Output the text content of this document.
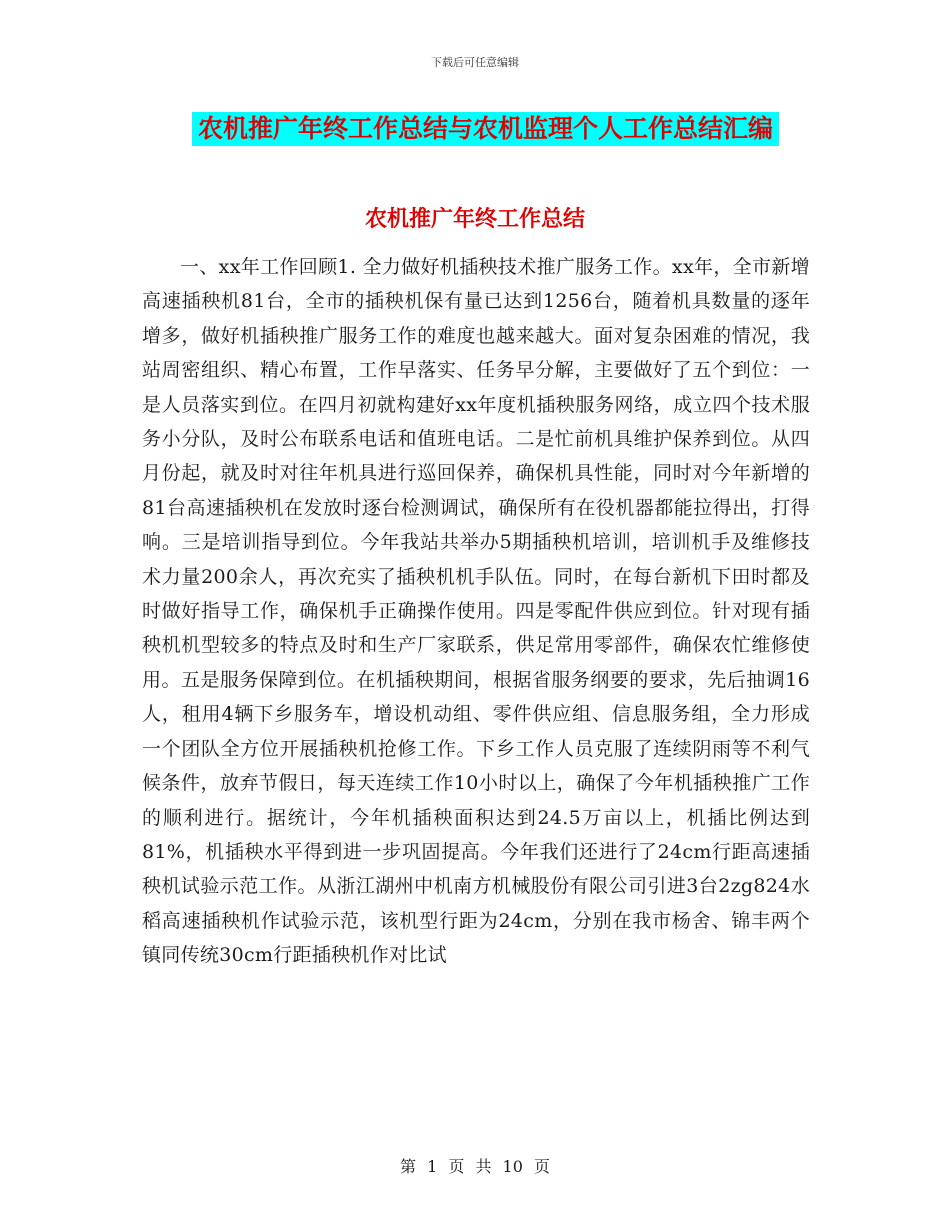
下载后可任意编辑
农机推广年终工作总结与农机监理个人工作总结汇编
农机推广年终工作总结

一、xx年工作回顾1. 全力做好机插秧技术推广服务工作。xx年，全市新增高速插秧机81台，全市的插秧机保有量已达到1256台，随着机具数量的逐年增多，做好机插秧推广服务工作的难度也越来越大。面对复杂困难的情况，我站周密组织、精心布置，工作早落实、任务早分解，主要做好了五个到位：一是人员落实到位。在四月初就构建好xx年度机插秧服务网络，成立四个技术服务小分队，及时公布联系电话和值班电话。二是忙前机具维护保养到位。从四月份起，就及时对往年机具进行巡回保养，确保机具性能，同时对今年新增的81台高速插秧机在发放时逐台检测调试，确保所有在役机器都能拉得出，打得响。三是培训指导到位。今年我站共举办5期插秧机培训，培训机手及维修技术力量200余人，再次充实了插秧机机手队伍。同时，在每台新机下田时都及时做好指导工作，确保机手正确操作使用。四是零配件供应到位。针对现有插秧机机型较多的特点及时和生产厂家联系，供足常用零部件，确保农忙维修使用。五是服务保障到位。在机插秧期间，根据省服务纲要的要求，先后抽调16人，租用4辆下乡服务车，增设机动组、零件供应组、信息服务组，全力形成一个团队全方位开展插秧机抢修工作。下乡工作人员克服了连续阴雨等不利气候条件，放弃节假日，每天连续工作10小时以上，确保了今年机插秧推广工作的顺利进行。据统计，今年机插秧面积达到24.5万亩以上，机插比例达到81%，机插秧水平得到进一步巩固提高。今年我们还进行了24cm行距高速插秧机试验示范工作。从浙江湖州中机南方机械股份有限公司引进3台2zg824水稻高速插秧机作试验示范，该机型行距为24cm，分别在我市杨舍、锦丰两个镇同传统30cm行距插秧机作对比试

第 1 页 共 10 页
